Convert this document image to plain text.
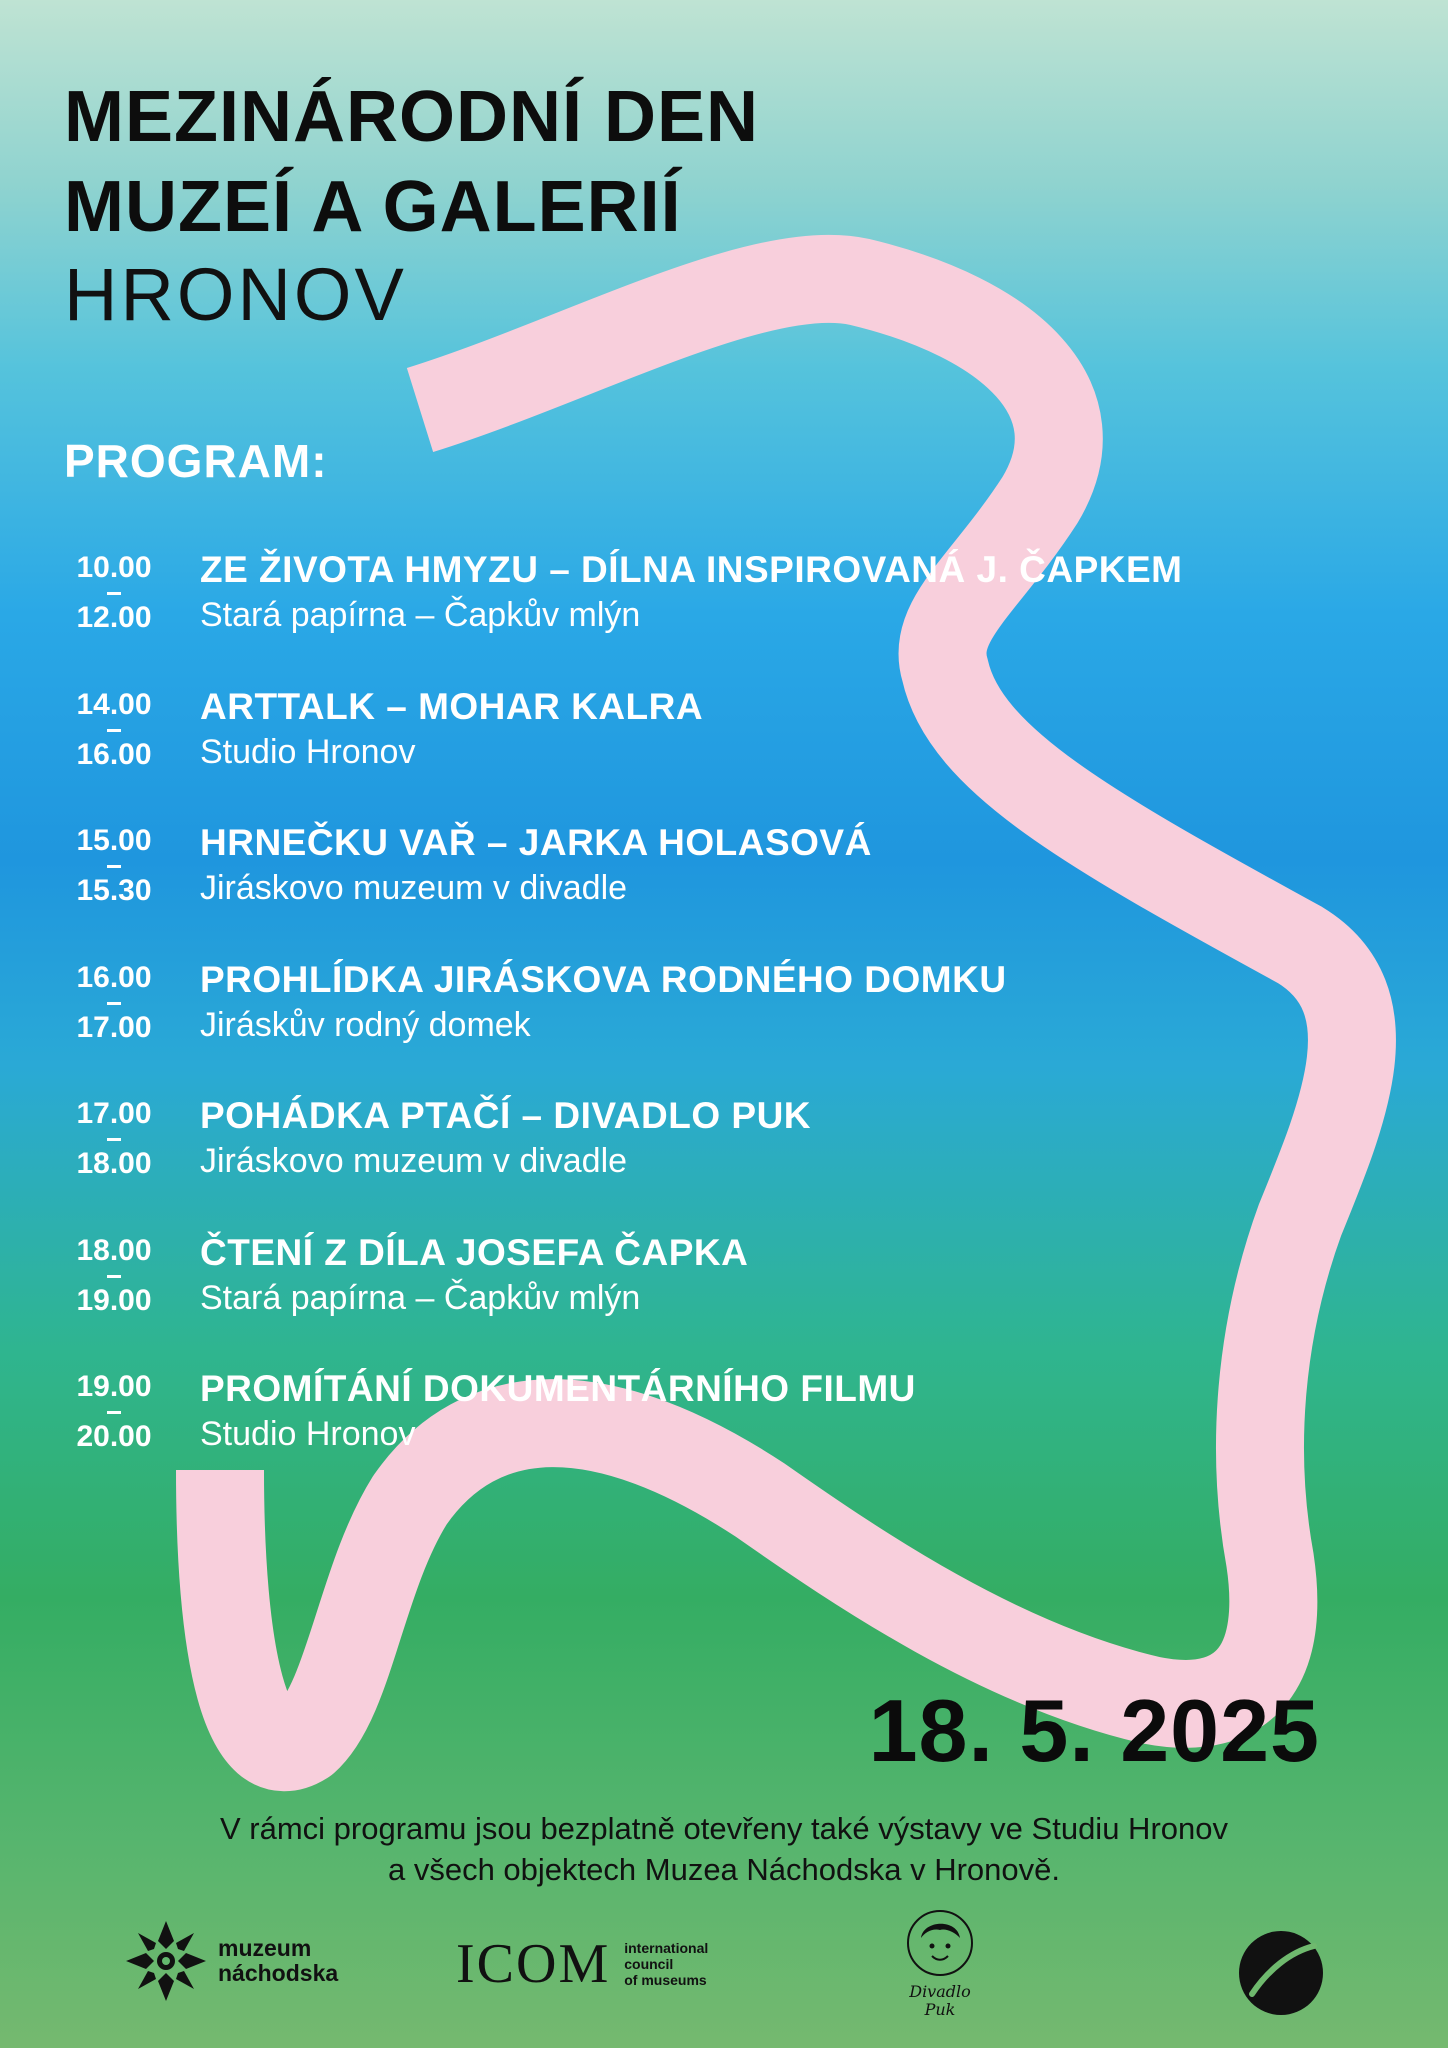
MEZINÁRODNÍ DEN
MUZEÍ A GALERIÍ
HRONOV
PROGRAM:
10.00
12.00
ZE ŽIVOTA HMYZU – DÍLNA INSPIROVANÁ J. ČAPKEM
Stará papírna – Čapkův mlýn
14.00
16.00
ARTTALK – MOHAR KALRA
Studio Hronov
15.00
15.30
HRNEČKU VAŘ – JARKA HOLASOVÁ
Jiráskovo muzeum v divadle
16.00
17.00
PROHLÍDKA JIRÁSKOVA RODNÉHO DOMKU
Jiráskův rodný domek
17.00
18.00
POHÁDKA PTAČÍ – DIVADLO PUK
Jiráskovo muzeum v divadle
18.00
19.00
ČTENÍ Z DÍLA JOSEFA ČAPKA
Stará papírna – Čapkův mlýn
19.00
20.00
PROMÍTÁNÍ DOKUMENTÁRNÍHO FILMU
Studio Hronov
18. 5. 2025
V rámci programu jsou bezplatně otevřeny také výstavy ve Studiu Hronov
a všech objektech Muzea Náchodska v Hronově.
muzeum
náchodska ICOM international
council
of museums
Divadlo
Puk
